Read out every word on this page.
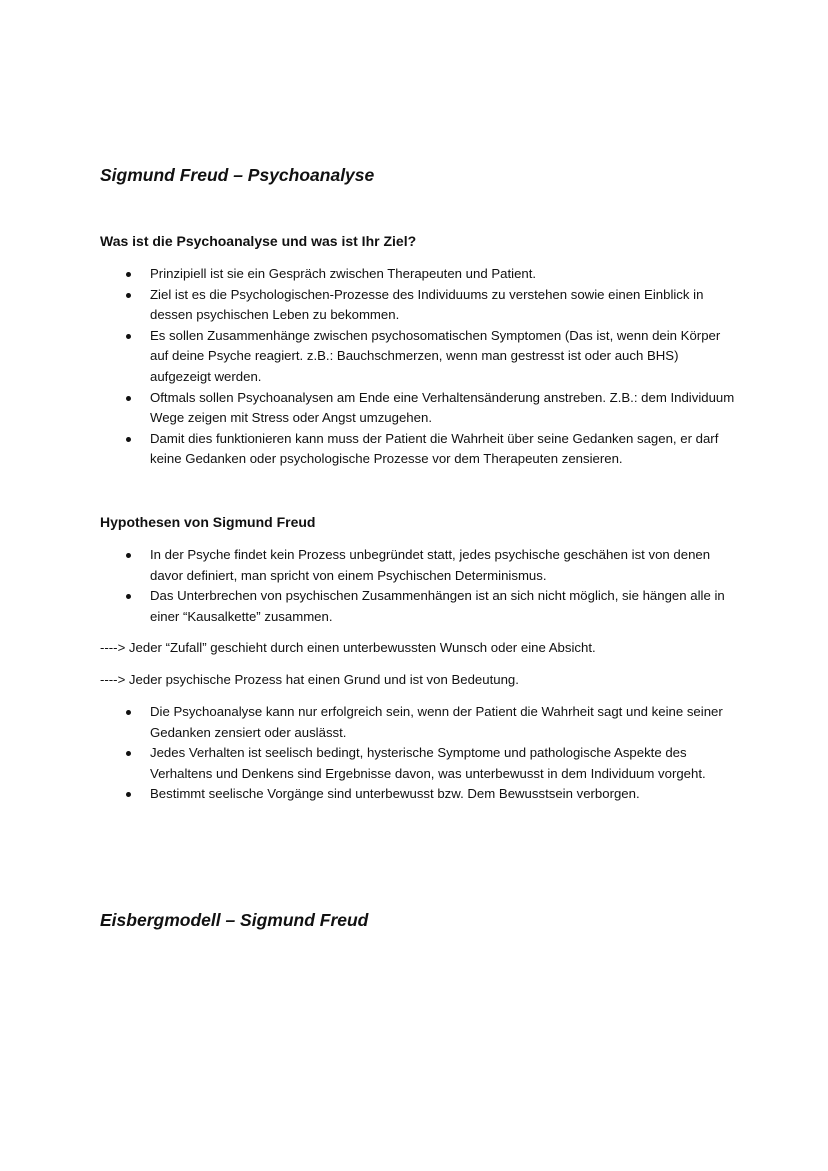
Sigmund Freud – Psychoanalyse
Was ist die Psychoanalyse und was ist Ihr Ziel?
Prinzipiell ist sie ein Gespräch zwischen Therapeuten und Patient.
Ziel ist es die Psychologischen-Prozesse des Individuums zu verstehen sowie einen Einblick in dessen psychischen Leben zu bekommen.
Es sollen Zusammenhänge zwischen psychosomatischen Symptomen (Das ist, wenn dein Körper auf deine Psyche reagiert. z.B.: Bauchschmerzen, wenn man gestresst ist oder auch BHS) aufgezeigt werden.
Oftmals sollen Psychoanalysen am Ende eine Verhaltensänderung anstreben. Z.B.: dem Individuum Wege zeigen mit Stress oder Angst umzugehen.
Damit dies funktionieren kann muss der Patient die Wahrheit über seine Gedanken sagen, er darf keine Gedanken oder psychologische Prozesse vor dem Therapeuten zensieren.
Hypothesen von Sigmund Freud
In der Psyche findet kein Prozess unbegründet statt, jedes psychische geschähen ist von denen davor definiert, man spricht von einem Psychischen Determinismus.
Das Unterbrechen von psychischen Zusammenhängen ist an sich nicht möglich, sie hängen alle in einer “Kausalkette” zusammen.

----> Jeder “Zufall” geschieht durch einen unterbewussten Wunsch oder eine Absicht.

----> Jeder psychische Prozess hat einen Grund und ist von Bedeutung.

Die Psychoanalyse kann nur erfolgreich sein, wenn der Patient die Wahrheit sagt und keine seiner Gedanken zensiert oder auslässt.
Jedes Verhalten ist seelisch bedingt, hysterische Symptome und pathologische Aspekte des Verhaltens und Denkens sind Ergebnisse davon, was unterbewusst in dem Individuum vorgeht.
Bestimmt seelische Vorgänge sind unterbewusst bzw. Dem Bewusstsein verborgen.
Eisbergmodell – Sigmund Freud
